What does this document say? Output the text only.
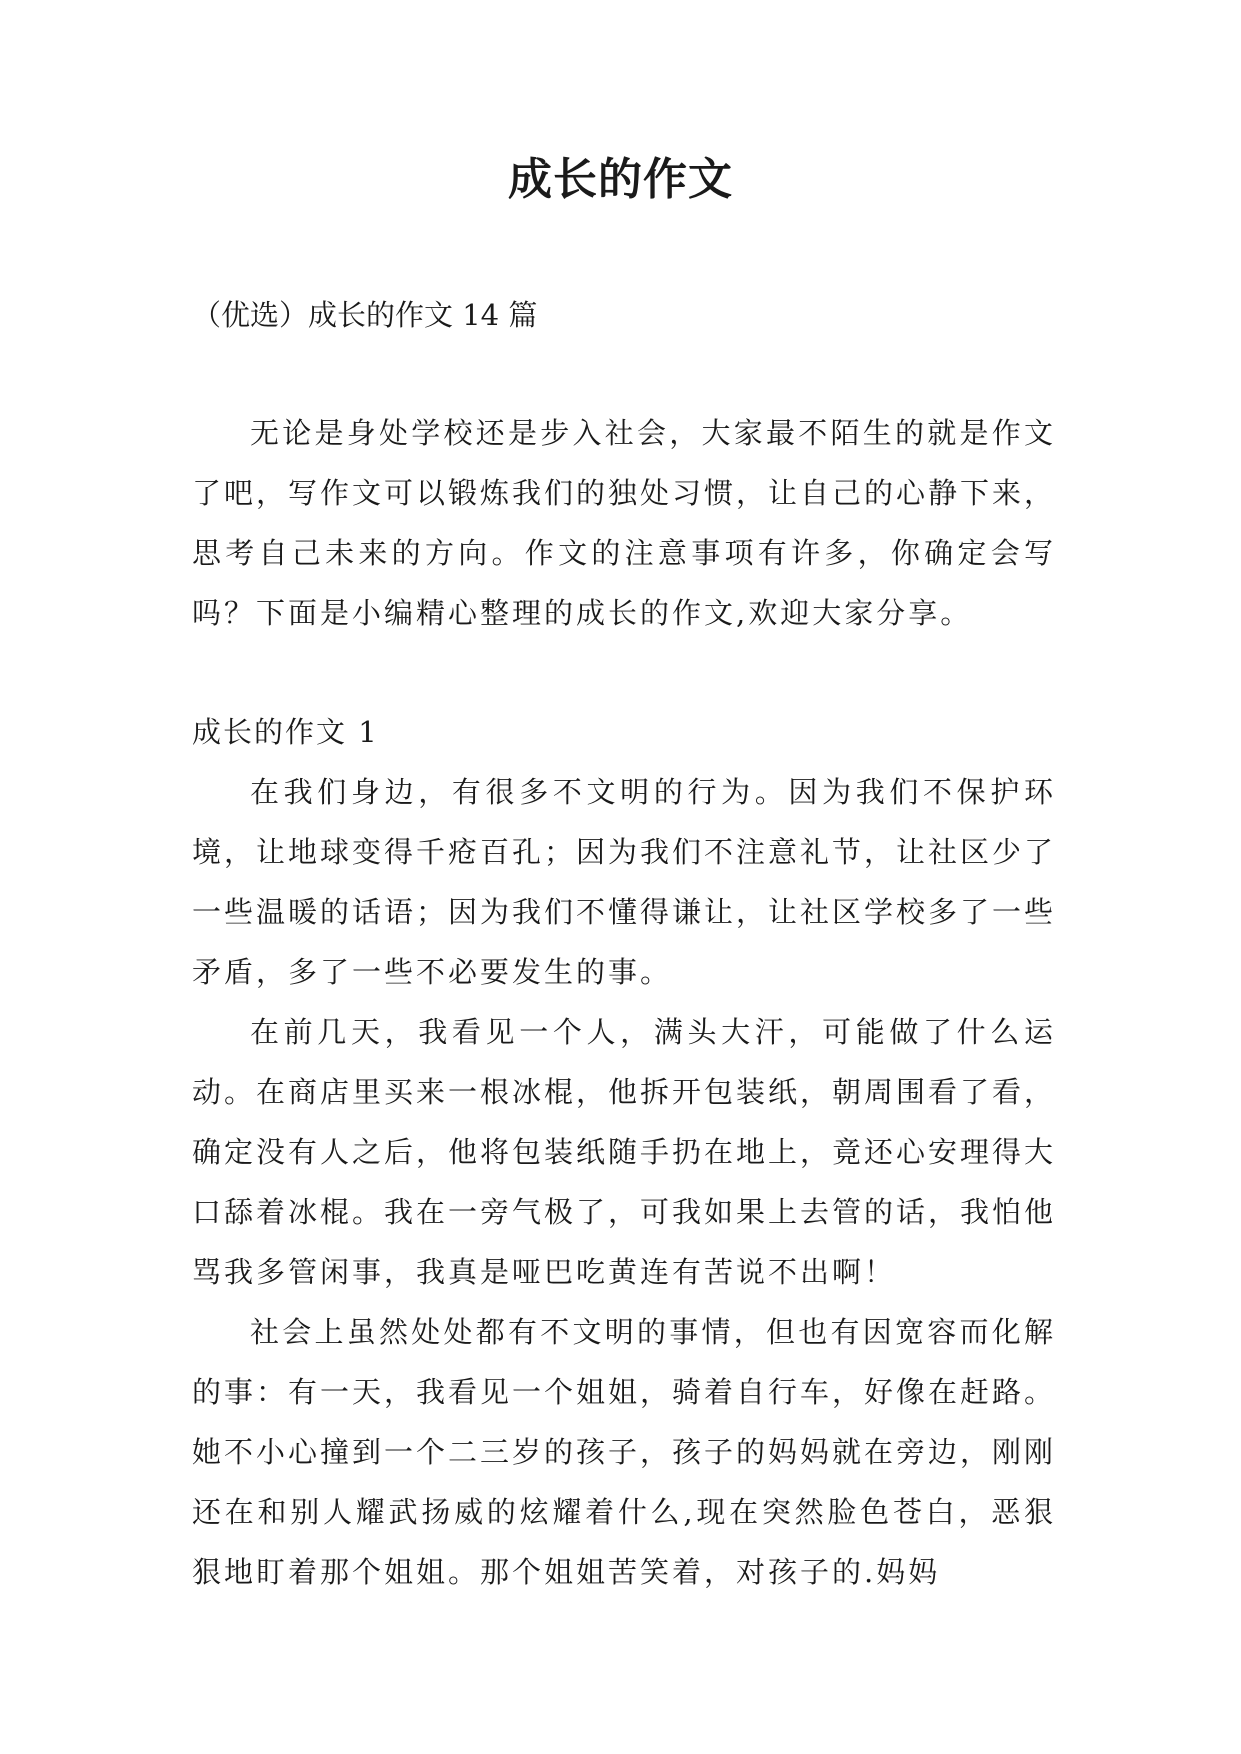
成长的作文
（优选）成长的作文 14 篇

无论是身处学校还是步入社会，大家最不陌生的就是作文了吧，写作文可以锻炼我们的独处习惯，让自己的心静下来，思考自己未来的方向。作文的注意事项有许多，你确定会写吗？下面是小编精心整理的成长的作文,欢迎大家分享。

成长的作文 1

在我们身边，有很多不文明的行为。因为我们不保护环境，让地球变得千疮百孔；因为我们不注意礼节，让社区少了一些温暖的话语；因为我们不懂得谦让，让社区学校多了一些矛盾，多了一些不必要发生的事。

在前几天，我看见一个人，满头大汗，可能做了什么运动。在商店里买来一根冰棍，他拆开包装纸，朝周围看了看，确定没有人之后，他将包装纸随手扔在地上，竟还心安理得大口舔着冰棍。我在一旁气极了，可我如果上去管的话，我怕他骂我多管闲事，我真是哑巴吃黄连有苦说不出啊！

社会上虽然处处都有不文明的事情，但也有因宽容而化解的事：有一天，我看见一个姐姐，骑着自行车，好像在赶路。她不小心撞到一个二三岁的孩子，孩子的妈妈就在旁边，刚刚还在和别人耀武扬威的炫耀着什么,现在突然脸色苍白，恶狠狠地盯着那个姐姐。那个姐姐苦笑着，对孩子的.妈妈
